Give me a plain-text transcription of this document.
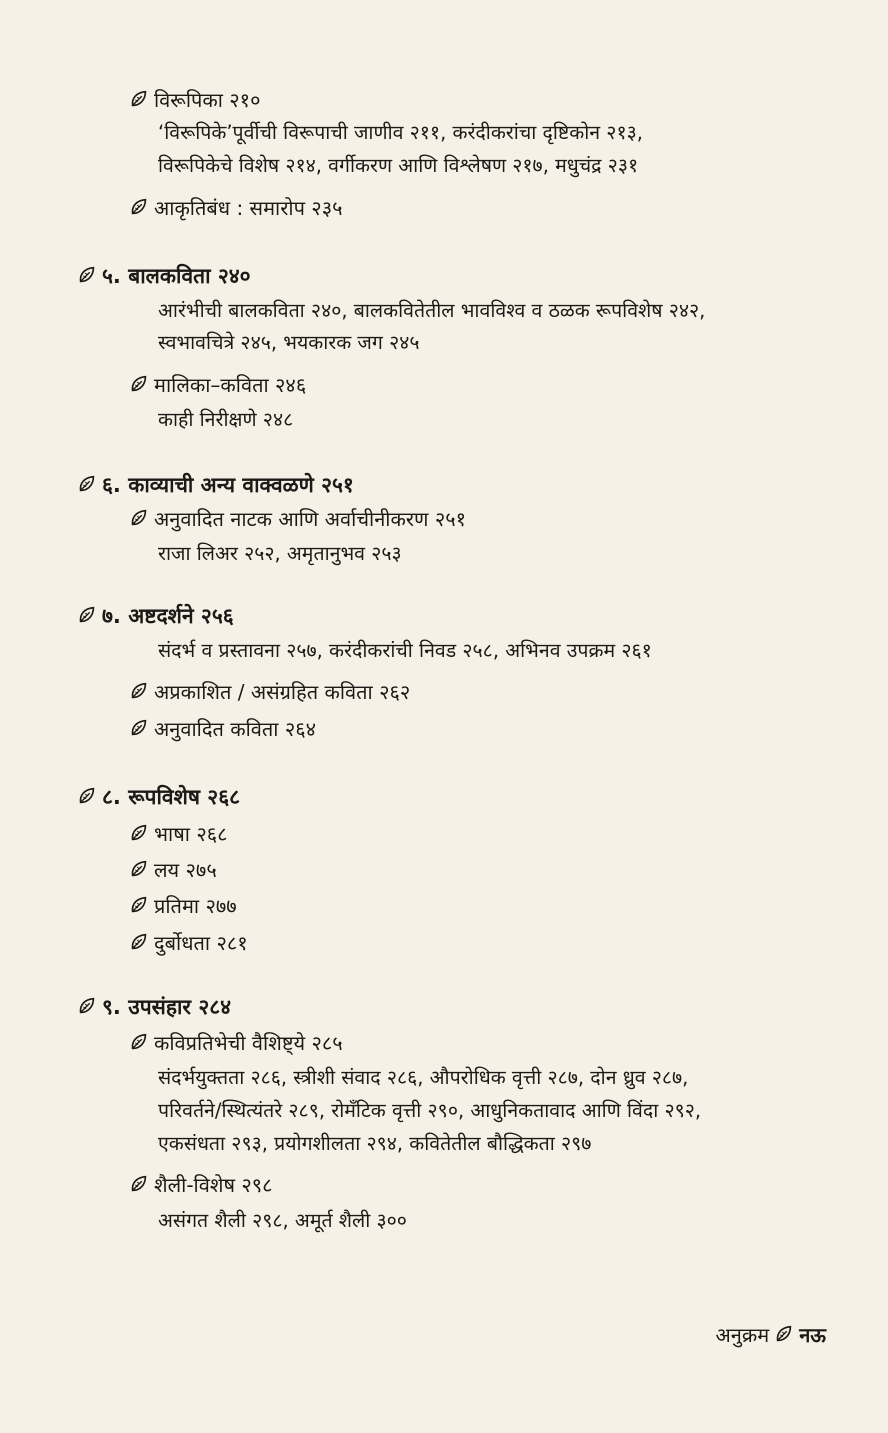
विरूपिका २१०
‘विरूपिके’पूर्वीची विरूपाची जाणीव २११, करंदीकरांचा दृष्टिकोन २१३,
विरूपिकेचे विशेष २१४, वर्गीकरण आणि विश्लेषण २१७, मधुचंद्र २३१
आकृतिबंध : समारोप २३५
५. बालकविता २४०
आरंभीची बालकविता २४०, बालकवितेतील भावविश्व व ठळक रूपविशेष २४२,
स्वभावचित्रे २४५, भयकारक जग २४५
मालिका–कविता २४६
काही निरीक्षणे २४८
६. काव्याची अन्य वाक्वळणे २५१
अनुवादित नाटक आणि अर्वाचीनीकरण २५१
राजा लिअर २५२, अमृतानुभव २५३
७. अष्टदर्शने २५६
संदर्भ व प्रस्तावना २५७, करंदीकरांची निवड २५८, अभिनव उपक्रम २६१
अप्रकाशित / असंग्रहित कविता २६२
अनुवादित कविता २६४
८. रूपविशेष २६८
भाषा २६८
लय २७५
प्रतिमा २७७
दुर्बोधता २८१
९. उपसंहार २८४
कविप्रतिभेची वैशिष्ट्ये २८५
संदर्भयुक्तता २८६, स्त्रीशी संवाद २८६, औपरोधिक वृत्ती २८७, दोन ध्रुव २८७,
परिवर्तने/स्थित्यंतरे २८९, रोमँटिक वृत्ती २९०, आधुनिकतावाद आणि विंदा २९२,
एकसंधता २९३, प्रयोगशीलता २९४, कवितेतील बौद्धिकता २९७
शैली-विशेष २९८
असंगत शैली २९८, अमूर्त शैली ३००
अनुक्रम नऊ
